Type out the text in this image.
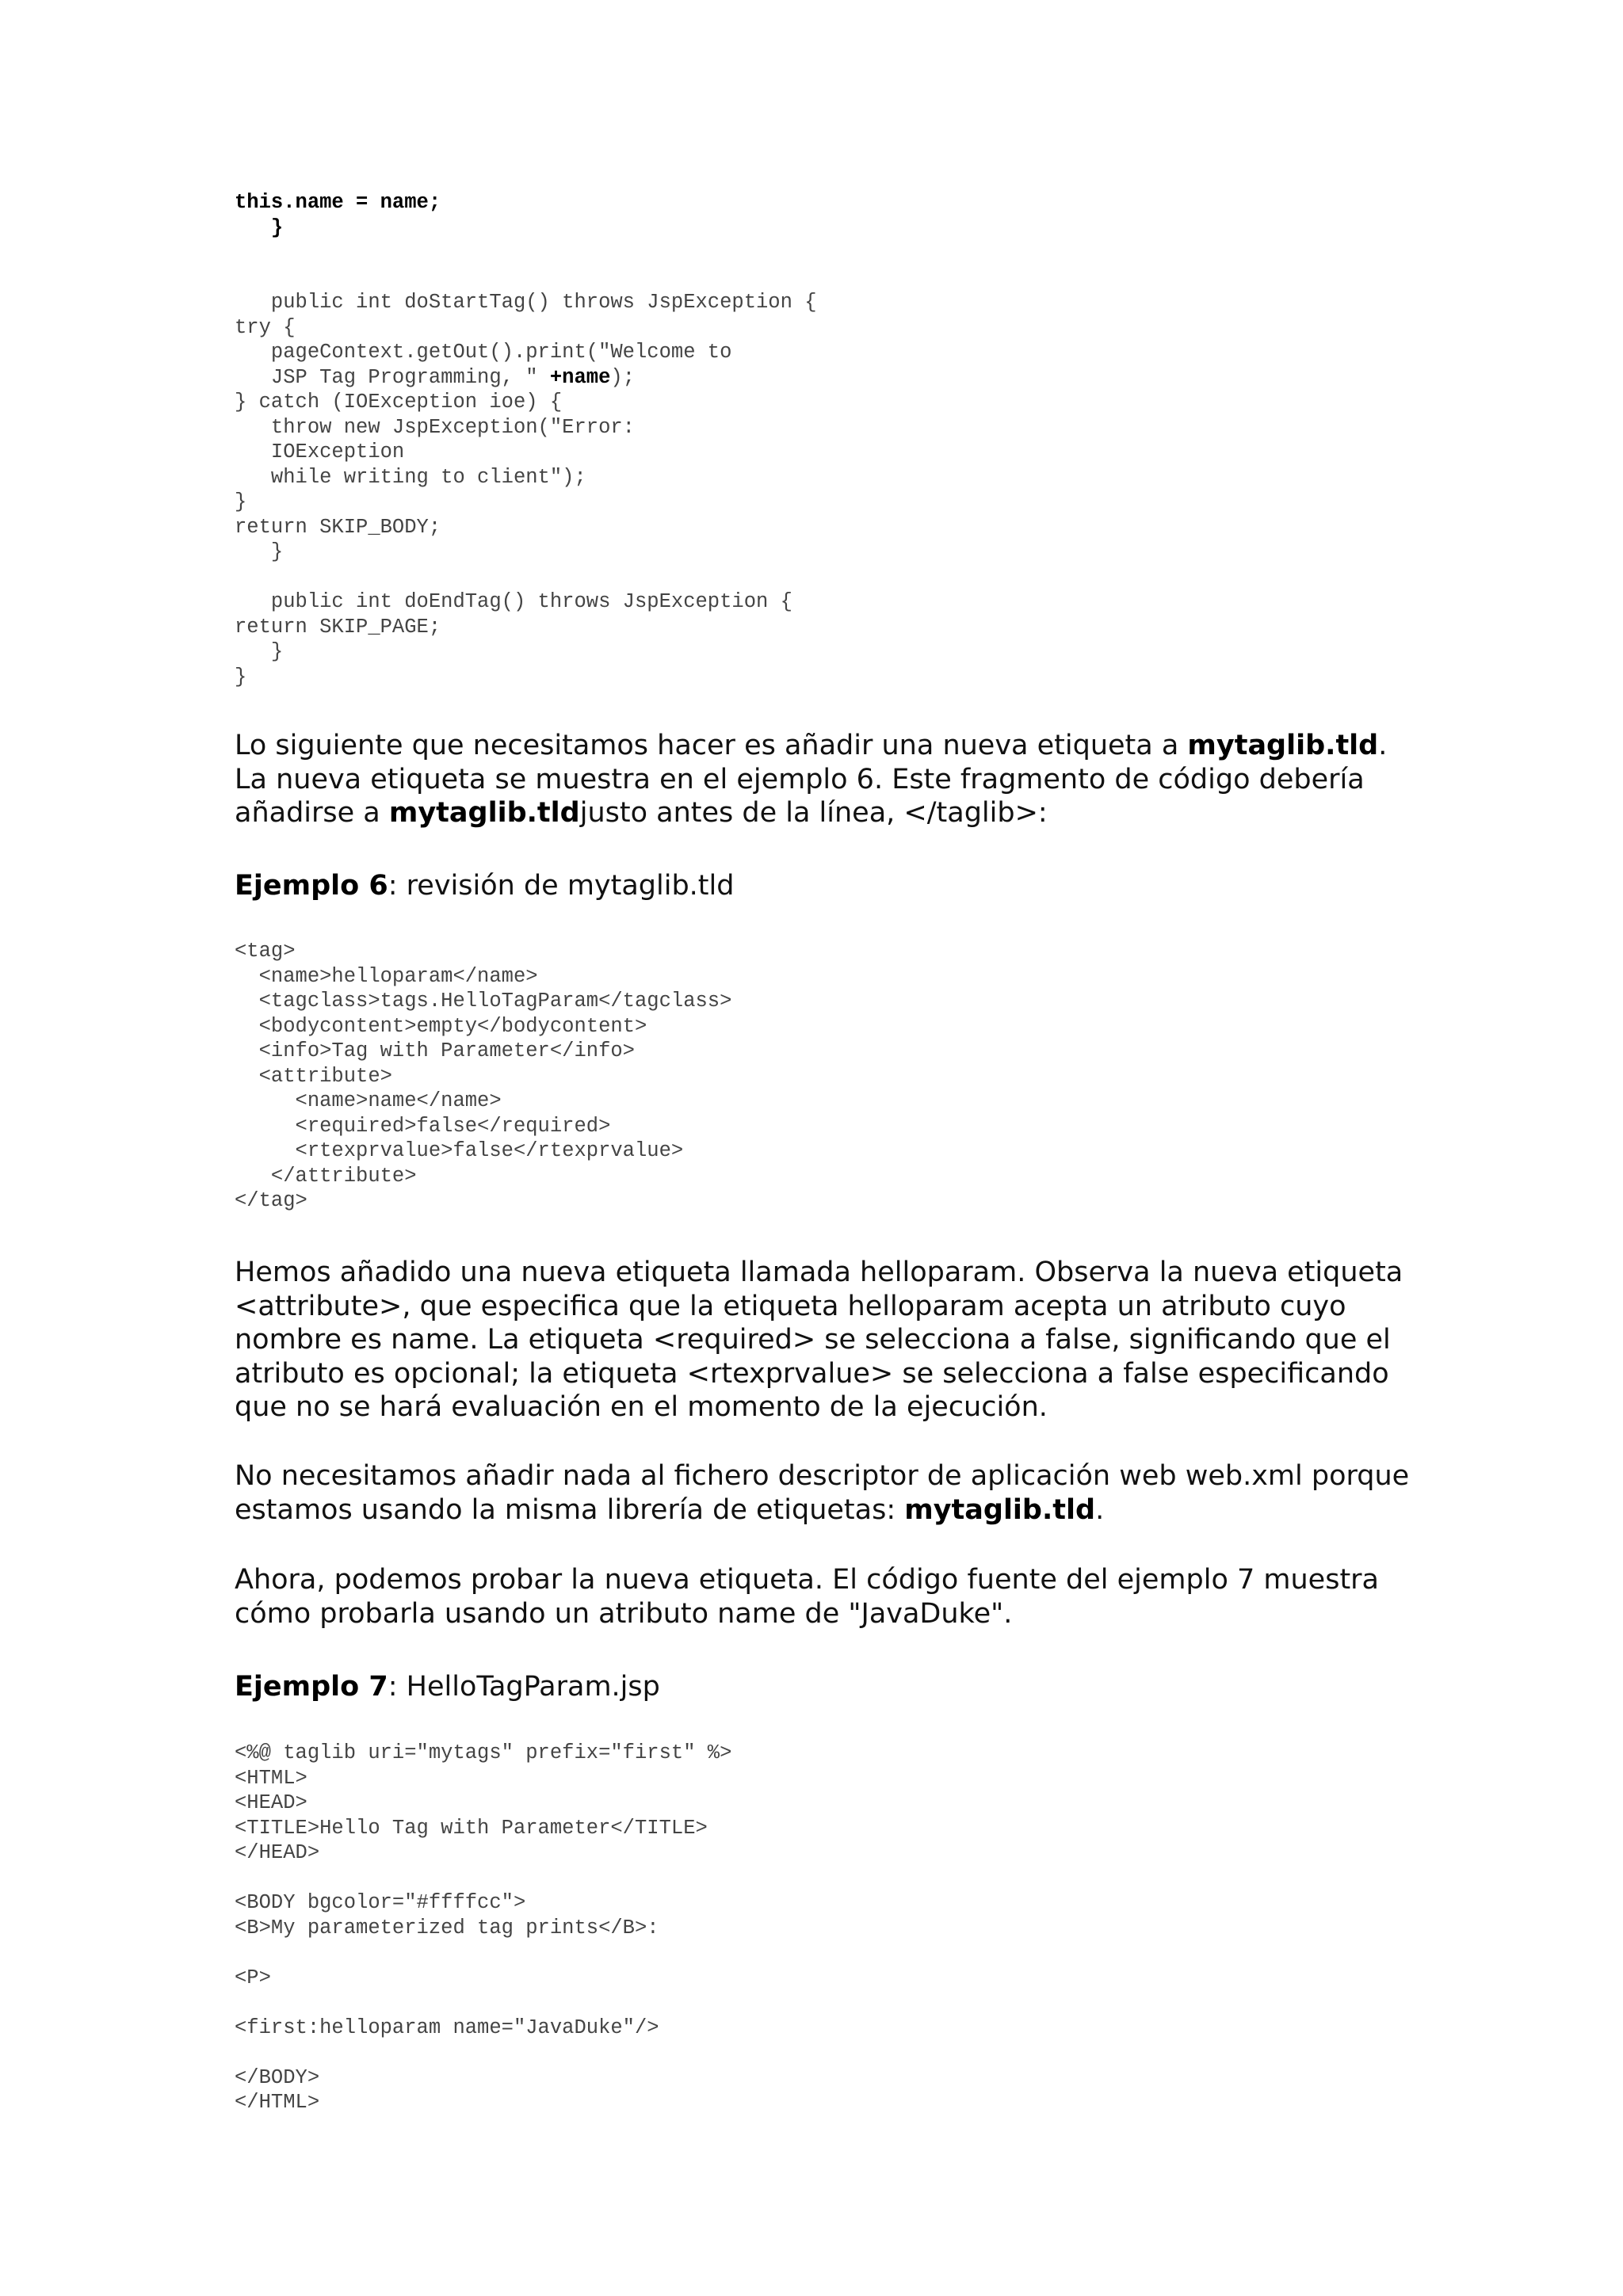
this.name = name;
}
public int doStartTag() throws JspException {
try {
pageContext.getOut().print("Welcome to
JSP Tag Programming, " +name);
} catch (IOException ioe) {
throw new JspException("Error:
IOException
while writing to client");
}
return SKIP_BODY;
}
public int doEndTag() throws JspException {
return SKIP_PAGE;
}
}
Lo siguiente que necesitamos hacer es añadir una nueva etiqueta a mytaglib.tld.
La nueva etiqueta se muestra en el ejemplo 6. Este fragmento de código debería
añadirse a mytaglib.tldjusto antes de la línea, </taglib>:
Ejemplo 6: revisión de mytaglib.tld
<tag>
<name>helloparam</name>
<tagclass>tags.HelloTagParam</tagclass>
<bodycontent>empty</bodycontent>
<info>Tag with Parameter</info>
<attribute>
<name>name</name>
<required>false</required>
<rtexprvalue>false</rtexprvalue>
</attribute>
</tag>
Hemos añadido una nueva etiqueta llamada helloparam. Observa la nueva etiqueta
<attribute>, que especifica que la etiqueta helloparam acepta un atributo cuyo
nombre es name. La etiqueta <required> se selecciona a false, significando que el
atributo es opcional; la etiqueta <rtexprvalue> se selecciona a false especificando
que no se hará evaluación en el momento de la ejecución.
No necesitamos añadir nada al fichero descriptor de aplicación web web.xml porque
estamos usando la misma librería de etiquetas: mytaglib.tld.
Ahora, podemos probar la nueva etiqueta. El código fuente del ejemplo 7 muestra
cómo probarla usando un atributo name de "JavaDuke".
Ejemplo 7: HelloTagParam.jsp
<%@ taglib uri="mytags" prefix="first" %>
<HTML>
<HEAD>
<TITLE>Hello Tag with Parameter</TITLE>
</HEAD>

<BODY bgcolor="#ffffcc">
<B>My parameterized tag prints</B>:

<P>

<first:helloparam name="JavaDuke"/>

</BODY>
</HTML>
